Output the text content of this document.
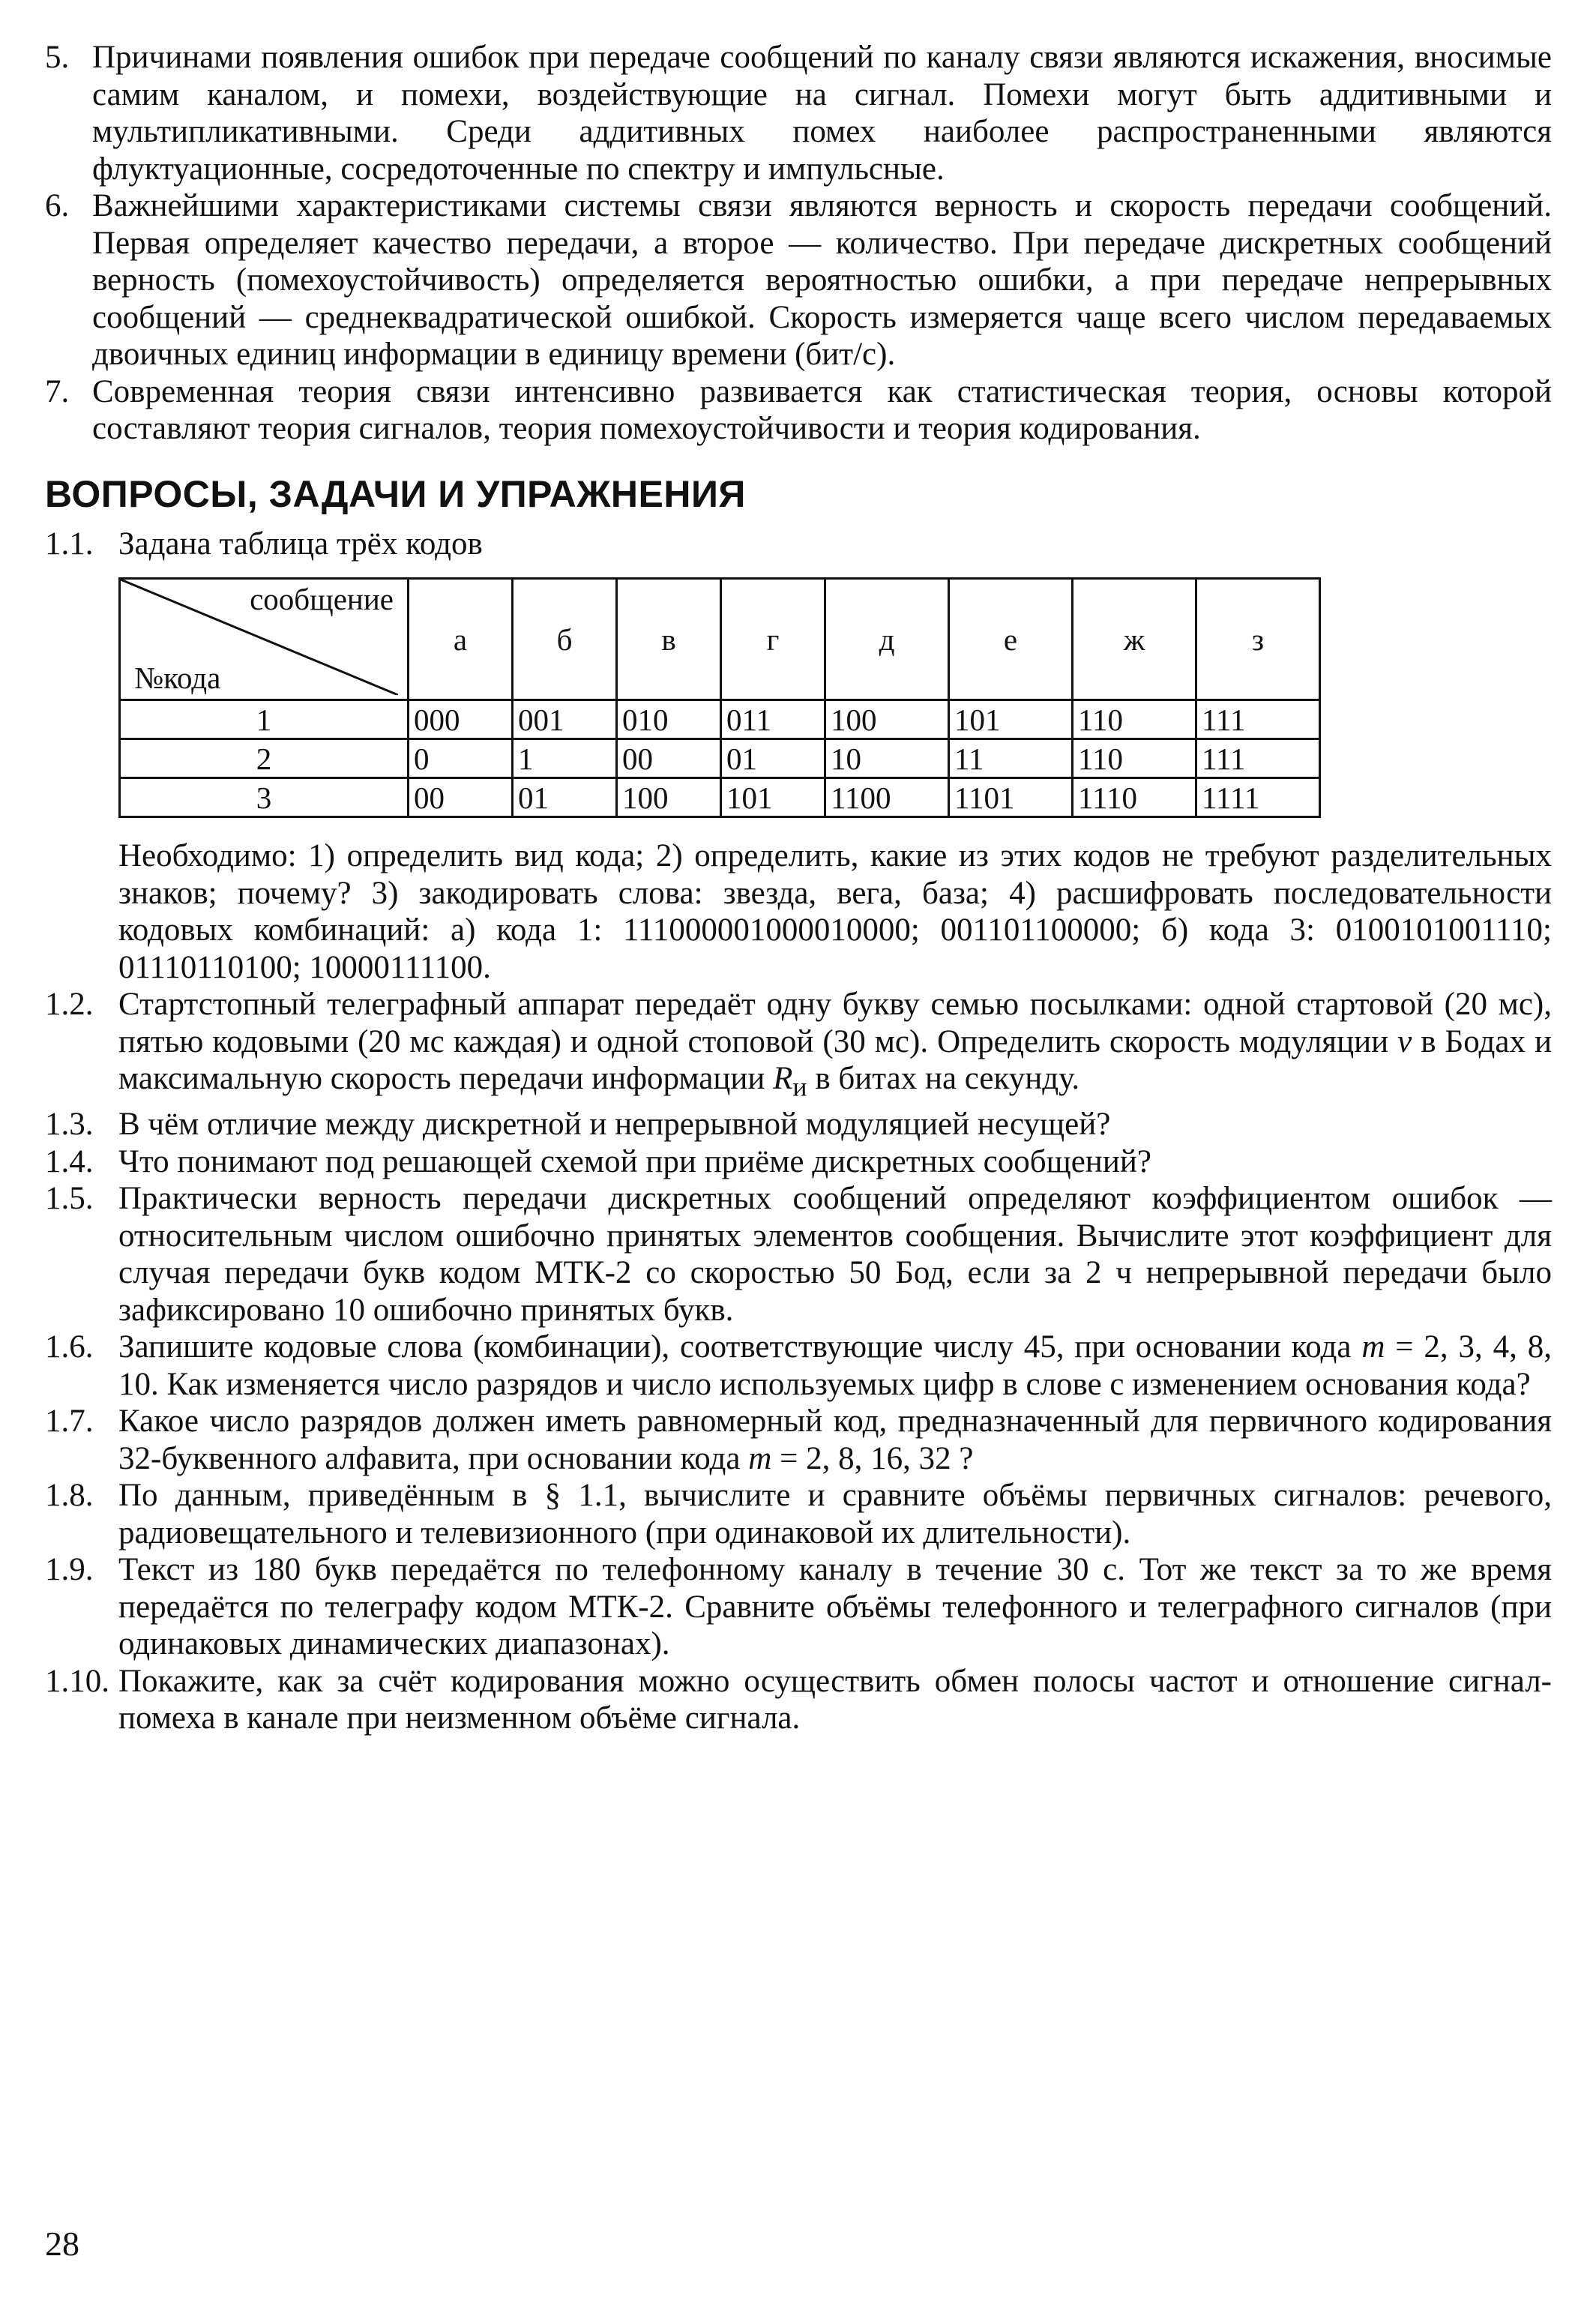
5. Причинами появления ошибок при передаче сообщений по каналу связи являются искажения, вносимые самим каналом, и помехи, воздействующие на сигнал. Помехи могут быть аддитивными и мультипликативными. Среди аддитивных помех наиболее распространенными являются флуктуационные, сосредоточенные по спектру и импульсные.

6. Важнейшими характеристиками системы связи являются верность и скорость передачи сообщений. Первая определяет качество передачи, а второе — количество. При передаче дискретных сообщений верность (помехоустойчивость) определяется вероятностью ошибки, а при передаче непрерывных сообщений — среднеквадратической ошибкой. Скорость измеряется чаще всего числом передаваемых двоичных единиц информации в единицу времени (бит/с).

7. Современная теория связи интенсивно развивается как статистическая теория, основы которой составляют теория сигналов, теория помехоустойчивости и теория кодирования.

ВОПРОСЫ, ЗАДАЧИ И УПРАЖНЕНИЯ

1.1. Задана таблица трёх кодов

сообщение
№кода	а	б	в	г	д	е	ж	з
1	000	001	010	011	100	101	110	111
2	0	1	00	01	10	11	110	111
3	00	01	100	101	1100	1101	1110	1111

Необходимо: 1) определить вид кода; 2) определить, какие из этих кодов не требуют разделительных знаков; почему? 3) закодировать слова: звезда, вега, база; 4) расшифровать последовательности кодовых комбинаций: а) кода 1: 111000001000010000; 001101100000; б) кода 3: 0100101001110; 01110110100; 10000111100.

1.2. Стартстопный телеграфный аппарат передаёт одну букву семью посылками: одной стартовой (20 мс), пятью кодовыми (20 мс каждая) и одной стоповой (30 мс). Определить скорость модуляции v в Бодах и максимальную скорость передачи информации $R_и$ в битах на секунду.

1.3. В чём отличие между дискретной и непрерывной модуляцией несущей?

1.4. Что понимают под решающей схемой при приёме дискретных сообщений?

1.5. Практически верность передачи дискретных сообщений определяют коэффициентом ошибок — относительным числом ошибочно принятых элементов сообщения. Вычислите этот коэффициент для случая передачи букв кодом МТК-2 со скоростью 50 Бод, если за 2 ч непрерывной передачи было зафиксировано 10 ошибочно принятых букв.

1.6. Запишите кодовые слова (комбинации), соответствующие числу 45, при основании кода m = 2, 3, 4, 8, 10. Как изменяется число разрядов и число используемых цифр в слове с изменением основания кода?

1.7. Какое число разрядов должен иметь равномерный код, предназначенный для первичного кодирования 32-буквенного алфавита, при основании кода m = 2, 8, 16, 32 ?

1.8. По данным, приведённым в § 1.1, вычислите и сравните объёмы первичных сигналов: речевого, радиовещательного и телевизионного (при одинаковой их длительности).

1.9. Текст из 180 букв передаётся по телефонному каналу в течение 30 с. Тот же текст за то же время передаётся по телеграфу кодом МТК-2. Сравните объёмы телефонного и телеграфного сигналов (при одинаковых динамических диапазонах).

1.10. Покажите, как за счёт кодирования можно осуществить обмен полосы частот и отношение сигнал-помеха в канале при неизменном объёме сигнала.

28
